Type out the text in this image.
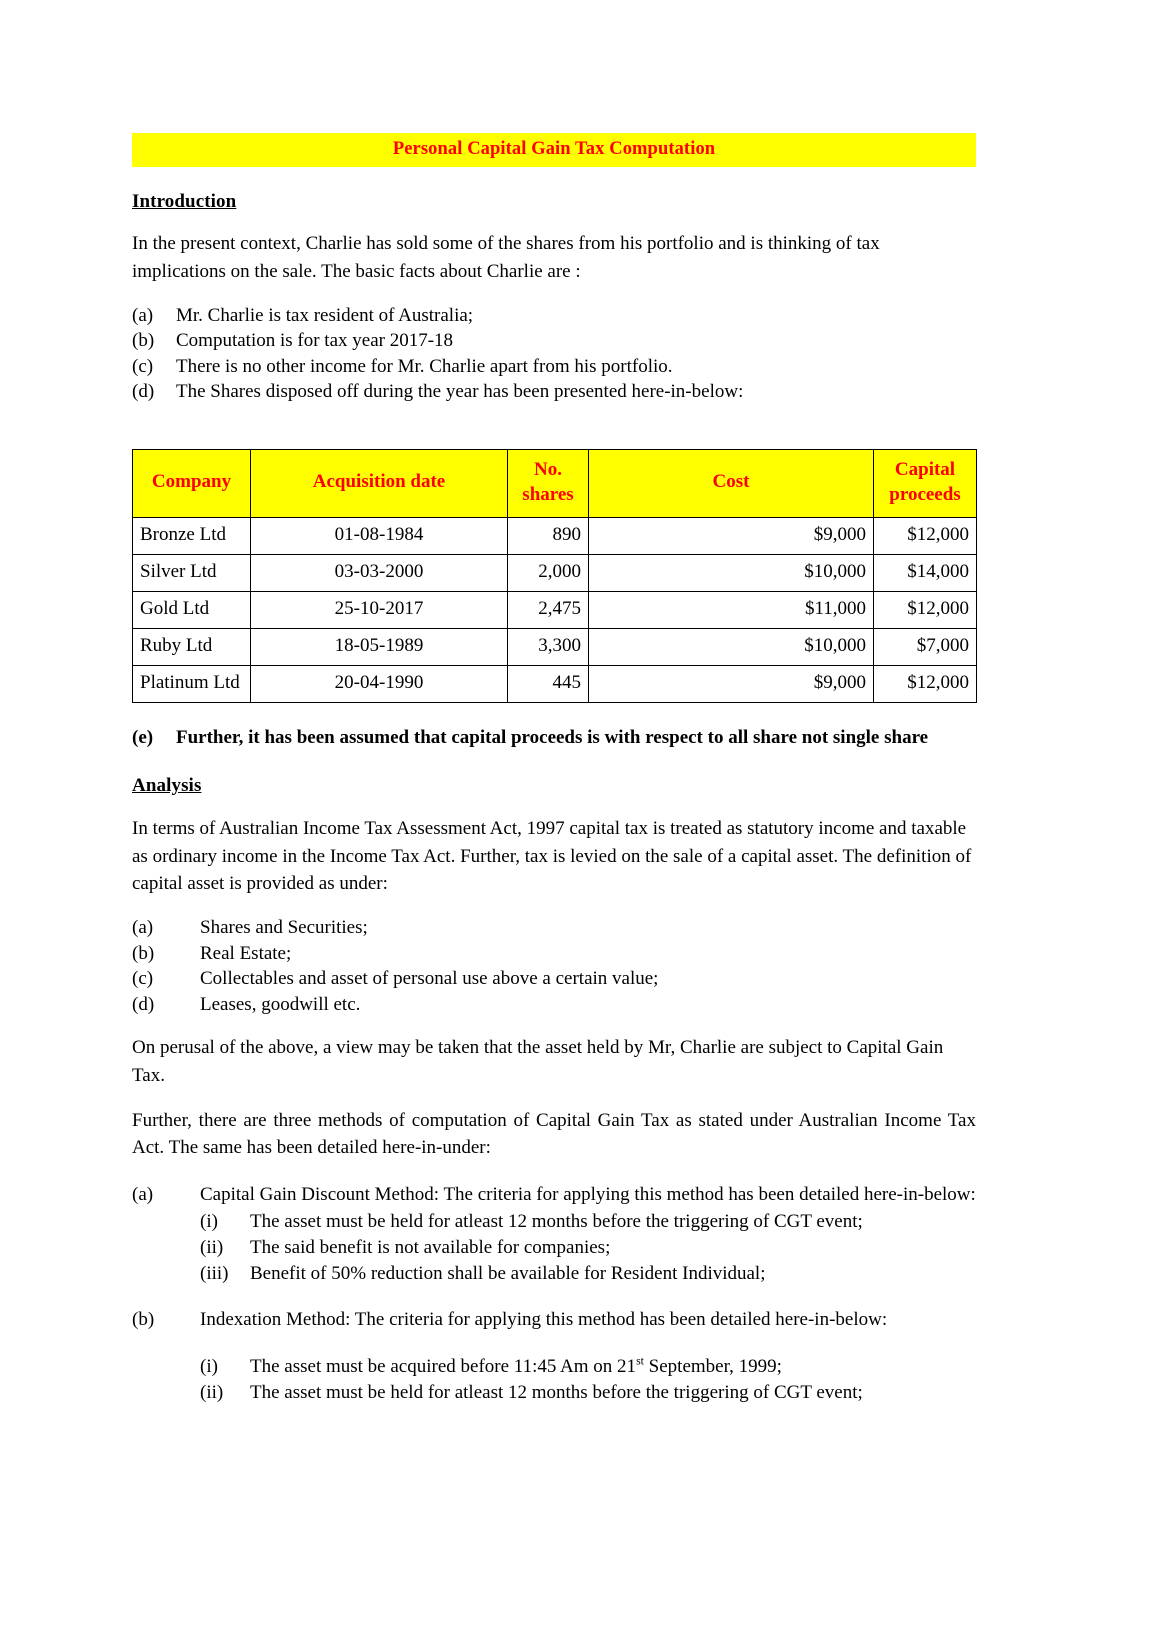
Personal Capital Gain Tax Computation
Introduction

In the present context, Charlie has sold some of the shares from his portfolio and is thinking of tax implications on the sale. The basic facts about Charlie are :

(a)	Mr. Charlie is tax resident of Australia;
(b)	Computation is for tax year 2017-18
(c)	There is no other income for Mr. Charlie apart from his portfolio.
(d)	The Shares disposed off during the year has been presented here-in-below:
Company	Acquisition date	No. shares	Cost	Capital proceeds
Bronze Ltd	01-08-1984	890	$9,000	$12,000
Silver Ltd	03-03-2000	2,000	$10,000	$14,000
Gold Ltd	25-10-2017	2,475	$11,000	$12,000
Ruby Ltd	18-05-1989	3,300	$10,000	$7,000
Platinum Ltd	20-04-1990	445	$9,000	$12,000
(e)	Further, it has been assumed that capital proceeds is with respect to all share not single share
Analysis

In terms of Australian Income Tax Assessment Act, 1997 capital tax is treated as statutory income and taxable as ordinary income in the Income Tax Act. Further, tax is levied on the sale of a capital asset. The definition of capital asset is provided as under:

(a)	Shares and Securities;
(b)	Real Estate;
(c)	Collectables and asset of personal use above a certain value;
(d)	Leases, goodwill etc.

On perusal of the above, a view may be taken that the asset held by Mr, Charlie are subject to Capital Gain Tax.

Further, there are three methods of computation of Capital Gain Tax as stated under Australian Income Tax Act. The same has been detailed here-in-under:

(a)	Capital Gain Discount Method: The criteria for applying this method has been detailed here-in-below:
(i)	The asset must be held for atleast 12 months before the triggering of CGT event;
(ii)	The said benefit is not available for companies;
(iii)	Benefit of 50% reduction shall be available for Resident Individual;
(b)	Indexation Method: The criteria for applying this method has been detailed here-in-below:
(i)	The asset must be acquired before 11:45 Am on 21st September, 1999;
(ii)	The asset must be held for atleast 12 months before the triggering of CGT event;
